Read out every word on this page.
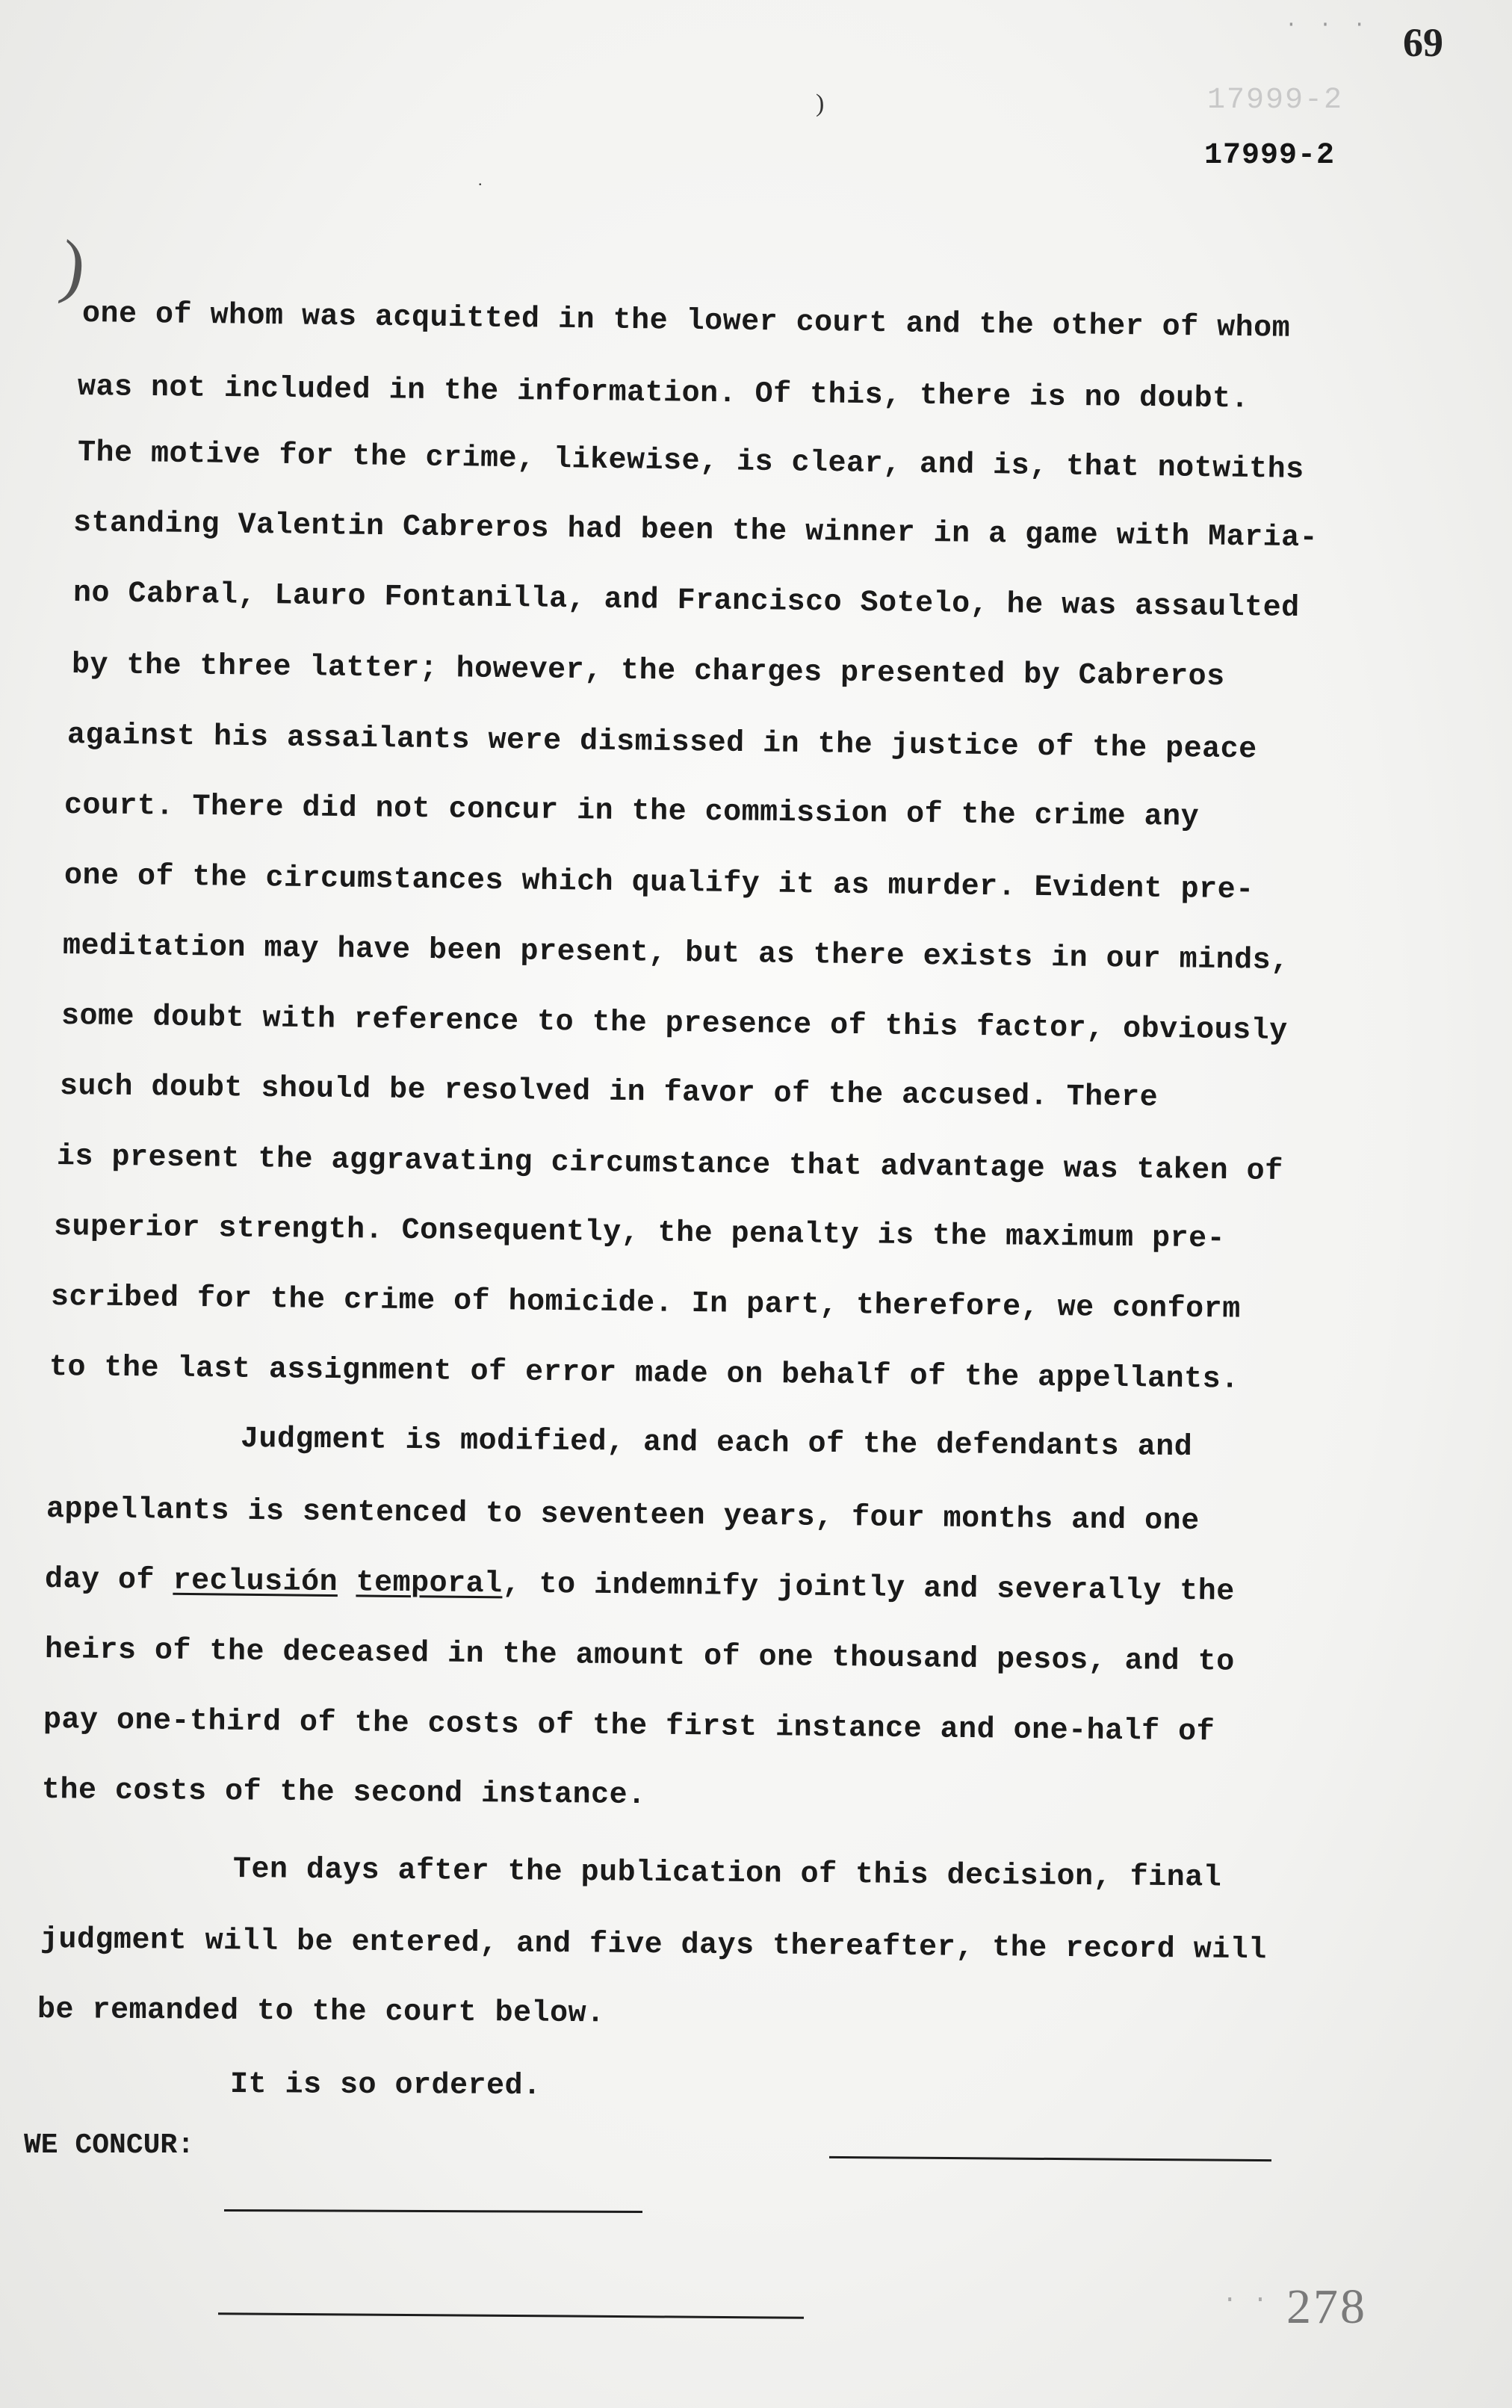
· · · 69
17999-2
17999-2
)
.
)
one of whom was acquitted in the lower court and the other of whom
was not included in the information. Of this, there is no doubt.
The motive for the crime, likewise, is clear, and is, that notwiths
standing Valentin Cabreros had been the winner in a game with Maria-
no Cabral, Lauro Fontanilla, and Francisco Sotelo, he was assaulted
by the three latter; however, the charges presented by Cabreros
against his assailants were dismissed in the justice of the peace
court. There did not concur in the commission of the crime any
one of the circumstances which qualify it as murder. Evident pre-
meditation may have been present, but as there exists in our minds,
some doubt with reference to the presence of this factor, obviously
such doubt should be resolved in favor of the accused. There
is present the aggravating circumstance that advantage was taken of
superior strength. Consequently, the penalty is the maximum pre-
scribed for the crime of homicide. In part, therefore, we conform
to the last assignment of error made on behalf of the appellants.
Judgment is modified, and each of the defendants and
appellants is sentenced to seventeen years, four months and one
day of reclusión temporal, to indemnify jointly and severally the
heirs of the deceased in the amount of one thousand pesos, and to
pay one-third of the costs of the first instance and one-half of
the costs of the second instance.
Ten days after the publication of this decision, final
judgment will be entered, and five days thereafter, the record will
be remanded to the court below.
It is so ordered.
WE CONCUR:
· · 278
